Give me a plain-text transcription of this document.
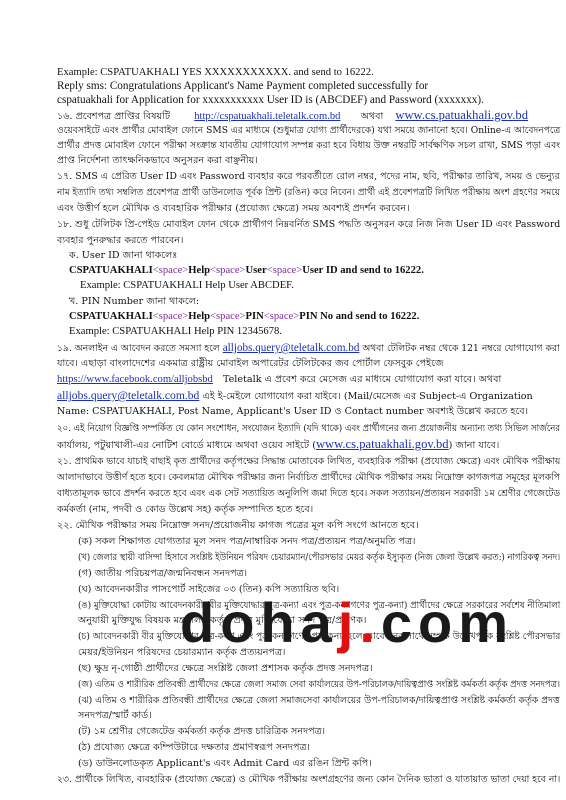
Example: CSPATUAKHALI YES XXXXXXXXXXX. and send to 16222.
Reply sms: Congratulations Applicant's Name Payment completed successfully for
cspatuakhali for Application for xxxxxxxxxxx User ID is (ABCDEF) and Password (xxxxxxx).
১৬. প্রবেশপত্র প্রাপ্তির বিষয়টি http://cspatuakhali.teletalk.com.bd অথবা www.cs.patuakhali.gov.bd
ওয়েবসাইটে এবং প্রার্থীর মোবাইল ফোনে SMS এর মাধ্যমে (শুধুমাত্র যোগ্য প্রার্থীদেরকে) যথা সময়ে জানানো হবে। Online-এ আবেদনপত্রে
প্রার্থীর প্রদত্ত মোবাইল ফোনে পরীক্ষা সংক্রান্ত যাবতীয় যোগাযোগ সম্পন্ন করা হবে বিধায় উক্ত নম্বরটি সার্বক্ষণিক সচল রাখা, SMS পড়া এবং
প্রাপ্ত নির্দেশনা তাৎক্ষনিকভাবে অনুসরন করা বাঞ্ছনীয়।
১৭. SMS এ প্রেরিত User ID এবং Password ব্যবহার করে পরবর্তীতে রোল নম্বর, পদের নাম, ছবি, পরীক্ষার তারিখ, সময় ও ভেন্যুর
নাম ইত্যাদি তথ্য সম্বলিত প্রবেশপত্র প্রার্থী ডাউনলোড পূর্বক প্রিন্ট (রঙিন) করে নিবেন। প্রার্থী এই প্রবেশপত্রটি লিখিত পরীক্ষায় অংশ গ্রহণের সময়ে
এবং উত্তীর্ণ হলে মৌখিক ও ব্যবহারিক পরীক্ষার (প্রযোজ্য ক্ষেত্রে) সময় অবশ্যই প্রদর্শন করবেন।
১৮. শুধু টেলিটক প্রি-পেইড মোবাইল ফোন থেকে প্রার্থীগণ নিম্নবর্নিত SMS পদ্ধতি অনুসরন করে নিজ নিজ User ID এবং Password
ব্যবহার পুনরুদ্ধার করতে পারবেন।
ক. User ID জানা থাকলেঃ
CSPATUAKHALI<space>Help<space>User<space>User ID and send to 16222.
Example: CSPATUAKHALI Help User ABCDEF.
খ. PIN Number জানা থাকলে:
CSPATUAKHALI<space>Help<space>PIN<space>PIN No and send to 16222.
Example: CSPATUAKHALI Help PIN 12345678.
১৯. অনলাইন এ আবেদন করতে সমস্যা হলে alljobs.query@teletalk.com.bd অথবা টেলিটক নম্বর থেকে 121 নম্বরে যোগাযোগ করা
যাবে। এছাড়া বাংলাদেশের একমাত্র রাষ্ট্রীয় মোবাইল অপারেটর টেলিটকের জব পোর্টাল ফেসবুক পেইজে
https://www.facebook.com/alljobsbd Teletalk এ প্রবেশ করে মেসেজ এর মাধ্যমে যোগাযোগ করা যাবে। অথবা
alljobs.query@teletalk.com.bd এই ই-মেইলে যোগাযোগ করা যাইবে। (Mail/মেসেজ এর Subject-এ Organization
Name: CSPATUAKHALI, Post Name, Applicant's User ID ও Contact number অবশ্যই উল্লেখ করতে হবে।
২০. এই নিয়োগ বিজ্ঞপ্তি সম্পর্কিত যে কোন সংশোধন, সংযোজন ইত্যাদি (যদি থাকে) এবং প্রার্থীগনের জন্য প্রয়োজনীয় অন্যান্য তথ্য সিভিল সার্জনের
কার্যালয়, পটুয়াখালী-এর নোটিশ বোর্ডে মাধ্যমে অথবা ওয়েব সাইটে (www.cs.patuakhali.gov.bd) জানা যাবে।
২১. প্রাথমিক ভাবে যাচাই বাছাই কৃত প্রার্থীদের কর্তৃপক্ষের সিদ্ধান্ত মোতাবেক লিখিত, ব্যবহারিক পরীক্ষা (প্রযোজ্য ক্ষেত্রে) এবং মৌখিক পরীক্ষায়
আলাদাভাবে উত্তীর্ণ হতে হবে। কেবলমাত্র মৌখিক পরীক্ষার জন্য নির্বাচিত প্রার্থীদের মৌখিক পরীক্ষার সময় নিম্নোক্ত কাগজপত্র সমূহের মূলকপি
বাধ্যতামূলক ভাবে প্রদর্শন করতে হবে এবং এক সেট সত্যায়িত অনুলিপি জমা দিতে হবে। সকল সত্যায়ন/প্রত্যয়ন সরকারী ১ম শ্রেণীর গেজেটেড
কর্মকর্তা (নাম, পদবী ও কোড উল্লেখ সহ) কর্তৃক সম্পাদিত হতে হবে।
২২. মৌখিক পরীক্ষার সময় নিম্নোক্ত সনদ/প্রয়োজনীয় কাগজ পত্রের মূল কপি সংগে আনতে হবে।
(ক) সকল শিক্ষাগত যোগ্যতার মূল সনদ পত্র/নাম্বারিক সনদ পত্র/প্রত্যয়ন পত্র/অনুমতি পত্র।
(খ) জেলার স্থায়ী বাসিন্দা হিসাবে সংশ্লিষ্ট ইউনিয়ন পরিষদ চেয়ারম্যান/পৌরসভার মেয়র কর্তৃক ইস্যুকৃত (নিজ জেলা উল্লেখ করত:) নাগরিকত্ব সনদ।
(গ) জাতীয় পরিচয়পত্র/জন্মনিবন্ধন সনদপত্র।
(ঘ) আবেদনকারীর পাসপোর্ট সাইজের ০৩ (তিন) কপি সত্যায়িত ছবি।
(ঙ) মুক্তিযোদ্ধা কোটায় আবেদনকারী (বীর মুক্তিযোদ্ধার পুত্র-কন্যা এবং পুত্র-কন্যাগণের পুত্র-কন্যা) প্রার্থীদের ক্ষেত্রে সরকারের সর্বশেষ নীতিমালা
অনুযায়ী মুক্তিযুদ্ধ বিষয়ক মন্ত্রণালয় কর্তৃক প্রদত্ত মুক্তিযোদ্ধা সনদ পত্র/প্রমাণক।
(চ) আবেদনকারী বীর মুক্তিযোদ্ধার পুত্র-কন্যা এবং পুত্র-কন্যাগণের পুত্র-কন্যা হলে আবেদনের সাথে সম্পর্ক উল্লেখপূর্বক সংশ্লিষ্ট পৌরসভার
মেয়র/ইউনিয়ন পরিষদের চেয়ারম্যান কর্তৃক প্রত্যয়নপত্র।
(ছ) ক্ষুদ্র নৃ-গোষ্ঠী প্রার্থীদের ক্ষেত্রে সংশ্লিষ্ট জেলা প্রশাসক কর্তৃক প্রদত্ত সনদপত্র।
(জ) এতিম ও শারীরিক প্রতিবন্ধী প্রার্থীদের ক্ষেত্রে জেলা সমাজ সেবা কার্যালয়ের উপ-পরিচালক/দায়িত্বপ্রাপ্ত সংশ্লিষ্ট কর্মকর্তা কর্তৃক প্রদত্ত সনদপত্র।
(ঝ) এতিম ও শারীরিক প্রতিবন্ধী প্রার্থীদের ক্ষেত্রে জেলা সমাজসেবা কার্যালয়ের উপ-পরিচালক/দায়িত্বপ্রাপ্ত সংশ্লিষ্ট কর্মকর্তা কর্তৃক প্রদত্ত
সনদপত্র/স্মার্ট কার্ড।
(ট) ১ম শ্রেণীর গেজেটেড কর্মকর্তা কর্তৃক প্রদত্ত চারিত্রিক সনদপত্র।
(ঠ) প্রযোজ্য ক্ষেত্রে কম্পিউটারে দক্ষতার প্রমাণস্বরূপ সনদপত্র।
(ড) ডাউনলোডকৃত Applicant's এবং Admit Card এর রঙিন প্রিন্ট কপি।
২৩. প্রার্থীকে লিখিত, ব্যবহারিক (প্রযোজ্য ক্ষেত্রে) ও মৌখিক পরীক্ষায় অংশগ্রহণের জন্য কোন দৈনিক ভাতা ও যাতায়াত ভাতা দেয়া হবে না।
dohaj.com
